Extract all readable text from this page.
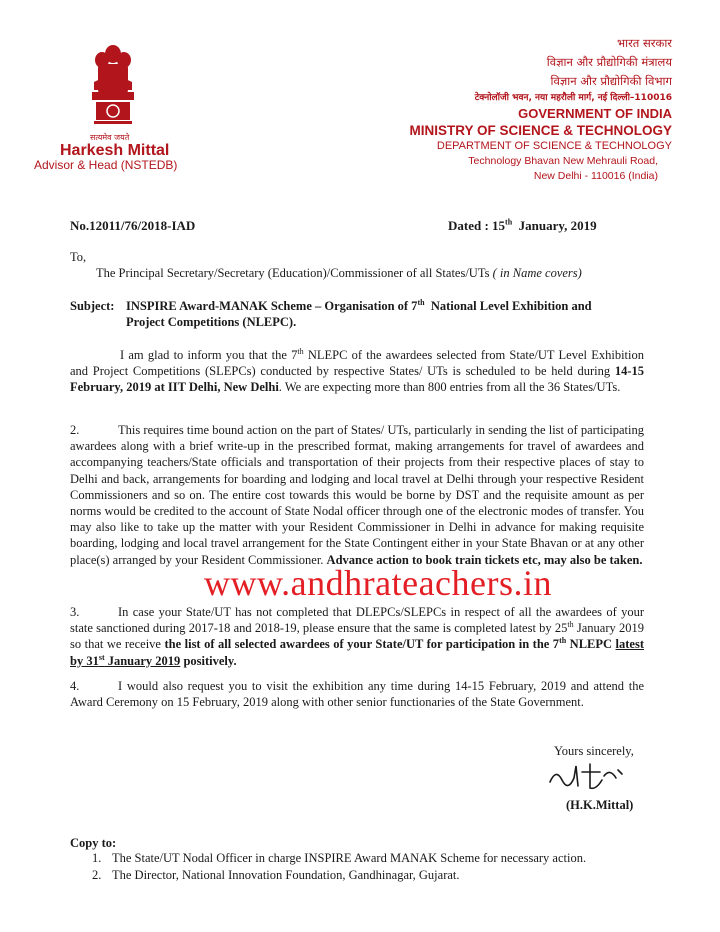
सत्यमेव जयते
Harkesh Mittal
Advisor & Head (NSTEDB)
भारत सरकार
विज्ञान और प्रौद्योगिकी मंत्रालय
विज्ञान और प्रौद्योगिकी विभाग
टेक्नोलॉजी भवन, नया महरौली मार्ग, नई दिल्ली–110016
GOVERNMENT OF INDIA
MINISTRY OF SCIENCE & TECHNOLOGY
DEPARTMENT OF SCIENCE & TECHNOLOGY
Technology Bhavan New Mehrauli Road,
New Delhi - 110016 (India)
No.12011/76/2018-IAD	Dated : 15th  January, 2019
To,
The Principal Secretary/Secretary (Education)/Commissioner of all States/UTs ( in Name covers)
Subject: INSPIRE Award-MANAK Scheme – Organisation of 7th  National Level Exhibition and
Project Competitions (NLEPC).
I am glad to inform you that the 7th NLEPC of the awardees selected from State/UT Level Exhibition and Project Competitions (SLEPCs) conducted by respective States/ UTs is scheduled to be held during 14-15 February, 2019 at IIT Delhi, New Delhi. We are expecting more than 800 entries from all the 36 States/UTs.
2.	This requires time bound action on the part of States/ UTs, particularly in sending the list of participating awardees along with a brief write-up in the prescribed format, making arrangements for travel of awardees and accompanying teachers/State officials and transportation of their projects from their respective places of stay to Delhi and back, arrangements for boarding and lodging and local travel at Delhi through your respective Resident Commissioners and so on. The entire cost towards this would be borne by DST and the requisite amount as per norms would be credited to the account of State Nodal officer through one of the electronic modes of transfer. You may also like to take up the matter with your Resident Commissioner in Delhi in advance for making requisite boarding, lodging and local travel arrangement for the State Contingent either in your State Bhavan or at any other place(s) arranged by your Resident Commissioner. Advance action to book train tickets etc, may also be taken.
www.andhrateachers.in
3.	In case your State/UT has not completed that DLEPCs/SLEPCs in respect of all the awardees of your state sanctioned during 2017-18 and 2018-19, please ensure that the same is completed latest by 25th January 2019 so that we receive the list of all selected awardees of your State/UT for participation in the 7th NLEPC latest by 31st January 2019 positively.
4.	I would also request you to visit the exhibition any time during 14-15 February, 2019 and attend the Award Ceremony on 15 February, 2019 along with other senior functionaries of the State Government.
Yours sincerely,
(H.K.Mittal)
Copy to:
1. The State/UT Nodal Officer in charge INSPIRE Award MANAK Scheme for necessary action.
2. The Director, National Innovation Foundation, Gandhinagar, Gujarat.
